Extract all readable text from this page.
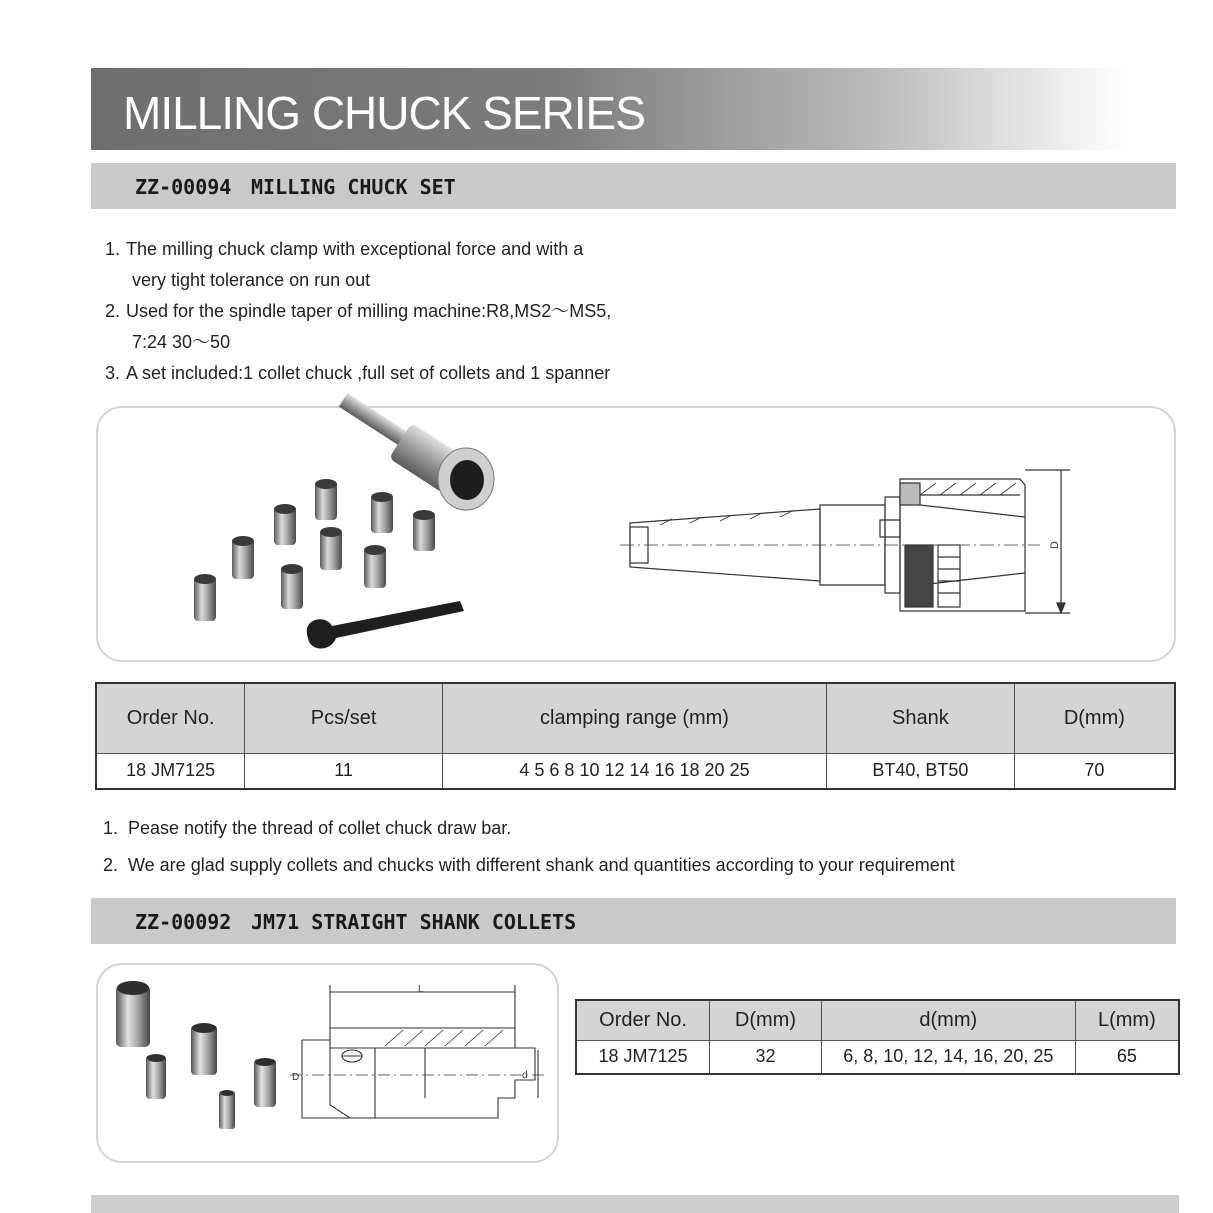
MILLING CHUCK SERIES
ZZ-00094 MILLING CHUCK SET
1. The milling chuck clamp with exceptional force and with a
very tight tolerance on run out
2. Used for the spindle taper of milling machine:R8,MS2～MS5,
7:24 30～50
3. A set included:1 collet chuck ,full set of collets and 1 spanner
D
Order No.	Pcs/set	clamping range (mm)	Shank	D(mm)
18 JM7125	11	4 5 6 8 10 12 14 16 18 20 25	BT40, BT50	70
1. Pease notify the thread of collet chuck draw bar.
2. We are glad supply collets and chucks with different shank and quantities according to your requirement
ZZ-00092 JM71 STRAIGHT SHANK COLLETS
L
D	d
Order No.	D(mm)	d(mm)	L(mm)
18 JM7125	32	6, 8, 10, 12, 14, 16, 20, 25	65
